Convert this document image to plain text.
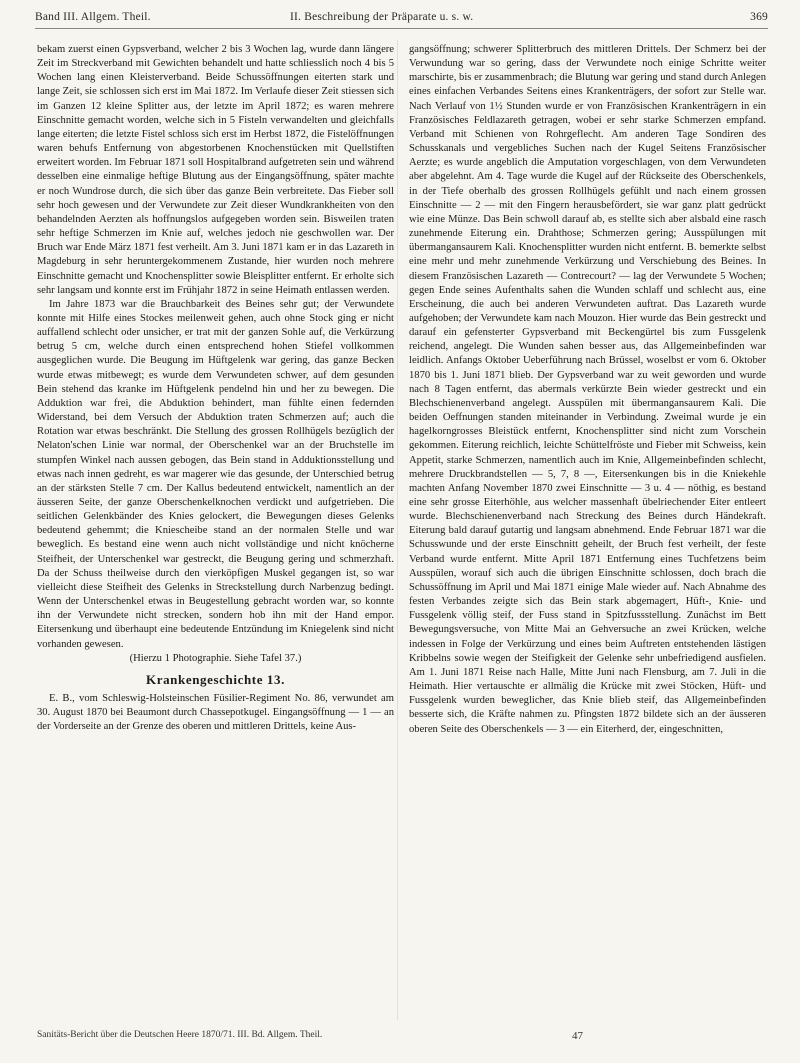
Band III. Allgem. Theil.	II. Beschreibung der Präparate u. s. w.	369

bekam zuerst einen Gypsverband, welcher 2 bis 3 Wochen lag, wurde dann längere Zeit im Streckverband mit Gewichten behandelt und hatte schliesslich noch 4 bis 5 Wochen lang einen Kleisterverband. Beide Schussöffnungen eiterten stark und lange Zeit, sie schlossen sich erst im Mai 1872. Im Verlaufe dieser Zeit stiessen sich im Ganzen 12 kleine Splitter aus, der letzte im April 1872; es waren mehrere Einschnitte gemacht worden, welche sich in 5 Fisteln verwandelten und gleichfalls lange eiterten; die letzte Fistel schloss sich erst im Herbst 1872, die Fistelöffnungen waren behufs Entfernung von abgestorbenen Knochenstücken mit Quellstiften erweitert worden. Im Februar 1871 soll Hospitalbrand aufgetreten sein und während desselben eine einmalige heftige Blutung aus der Eingangsöffnung, später machte er noch Wundrose durch, die sich über das ganze Bein verbreitete. Das Fieber soll sehr hoch gewesen und der Verwundete zur Zeit dieser Wundkrankheiten von den behandelnden Aerzten als hoffnungslos aufgegeben worden sein. Bisweilen traten sehr heftige Schmerzen im Knie auf, welches jedoch nie geschwollen war. Der Bruch war Ende März 1871 fest verheilt. Am 3. Juni 1871 kam er in das Lazareth in Magdeburg in sehr heruntergekommenem Zustande, hier wurden noch mehrere Einschnitte gemacht und Knochensplitter sowie Bleisplitter entfernt. Er erholte sich sehr langsam und konnte erst im Frühjahr 1872 in seine Heimath entlassen werden.

Im Jahre 1873 war die Brauchbarkeit des Beines sehr gut; der Verwundete konnte mit Hilfe eines Stockes meilenweit gehen, auch ohne Stock ging er nicht auffallend schlecht oder unsicher, er trat mit der ganzen Sohle auf, die Verkürzung betrug 5 cm, welche durch einen entsprechend hohen Stiefel vollkommen ausgeglichen wurde. Die Beugung im Hüftgelenk war gering, das ganze Becken wurde etwas mitbewegt; es wurde dem Verwundeten schwer, auf dem gesunden Bein stehend das kranke im Hüftgelenk pendelnd hin und her zu bewegen. Die Adduktion war frei, die Abduktion behindert, man fühlte einen federnden Widerstand, bei dem Versuch der Abduktion traten Schmerzen auf; auch die Rotation war etwas beschränkt. Die Stellung des grossen Rollhügels bezüglich der Nelaton'schen Linie war normal, der Oberschenkel war an der Bruchstelle im stumpfen Winkel nach aussen gebogen, das Bein stand in Adduktionsstellung und etwas nach innen gedreht, es war magerer wie das gesunde, der Unterschied betrug an der stärksten Stelle 7 cm. Der Kallus bedeutend entwickelt, namentlich an der äusseren Seite, der ganze Oberschenkelknochen verdickt und aufgetrieben. Die seitlichen Gelenkbänder des Knies gelockert, die Bewegungen dieses Gelenks bedeutend gehemmt; die Kniescheibe stand an der normalen Stelle und war beweglich. Es bestand eine wenn auch nicht vollständige und nicht knöcherne Steifheit, der Unterschenkel war gestreckt, die Beugung gering und schmerzhaft. Da der Schuss theilweise durch den vierköpfigen Muskel gegangen ist, so war vielleicht diese Steifheit des Gelenks in Streckstellung durch Narbenzug bedingt. Wenn der Unterschenkel etwas in Beugestellung gebracht worden war, so konnte ihn der Verwundete nicht strecken, sondern hob ihn mit der Hand empor. Eitersenkung und überhaupt eine bedeutende Entzündung im Kniegelenk sind nicht vorhanden gewesen.

(Hierzu 1 Photographie. Siehe Tafel 37.)

Krankengeschichte 13.

E. B., vom Schleswig-Holsteinschen Füsilier-Regiment No. 86, verwundet am 30. August 1870 bei Beaumont durch Chassepotkugel. Eingangsöffnung — 1 — an der Vorderseite an der Grenze des oberen und mittleren Drittels, keine Aus-

gangsöffnung; schwerer Splitterbruch des mittleren Drittels. Der Schmerz bei der Verwundung war so gering, dass der Verwundete noch einige Schritte weiter marschirte, bis er zusammenbrach; die Blutung war gering und stand durch Anlegen eines einfachen Verbandes Seitens eines Krankenträgers, der sofort zur Stelle war. Nach Verlauf von 1½ Stunden wurde er von Französischen Krankenträgern in ein Französisches Feldlazareth getragen, wobei er sehr starke Schmerzen empfand. Verband mit Schienen von Rohrgeflecht. Am anderen Tage Sondiren des Schusskanals und vergebliches Suchen nach der Kugel Seitens Französischer Aerzte; es wurde angeblich die Amputation vorgeschlagen, von dem Verwundeten aber abgelehnt. Am 4. Tage wurde die Kugel auf der Rückseite des Oberschenkels, in der Tiefe oberhalb des grossen Rollhügels gefühlt und nach einem grossen Einschnitte — 2 — mit den Fingern herausbefördert, sie war ganz platt gedrückt wie eine Münze. Das Bein schwoll darauf ab, es stellte sich aber alsbald eine rasch zunehmende Eiterung ein. Drahthose; Schmerzen gering; Ausspülungen mit übermangansaurem Kali. Knochensplitter wurden nicht entfernt. B. bemerkte selbst eine mehr und mehr zunehmende Verkürzung und Verschiebung des Beines. In diesem Französischen Lazareth — Contrecourt? — lag der Verwundete 5 Wochen; gegen Ende seines Aufenthalts sahen die Wunden schlaff und schlecht aus, eine Erscheinung, die auch bei anderen Verwundeten auftrat. Das Lazareth wurde aufgehoben; der Verwundete kam nach Mouzon. Hier wurde das Bein gestreckt und darauf ein gefensterter Gypsverband mit Beckengürtel bis zum Fussgelenk reichend, angelegt. Die Wunden sahen besser aus, das Allgemeinbefinden war leidlich. Anfangs Oktober Ueberführung nach Brüssel, woselbst er vom 6. Oktober 1870 bis 1. Juni 1871 blieb. Der Gypsverband war zu weit geworden und wurde nach 8 Tagen entfernt, das abermals verkürzte Bein wieder gestreckt und ein Blechschienenverband angelegt. Ausspülen mit übermangansaurem Kali. Die beiden Oeffnungen standen miteinander in Verbindung. Zweimal wurde je ein hagelkorngrosses Bleistück entfernt, Knochensplitter sind nicht zum Vorschein gekommen. Eiterung reichlich, leichte Schüttelfröste und Fieber mit Schweiss, kein Appetit, starke Schmerzen, namentlich auch im Knie, Allgemeinbefinden schlecht, mehrere Druckbrandstellen — 5, 7, 8 —, Eitersenkungen bis in die Kniekehle machten Anfang November 1870 zwei Einschnitte — 3 u. 4 — nöthig, es bestand eine sehr grosse Eiterhöhle, aus welcher massenhaft übelriechender Eiter entleert wurde. Blechschienenverband nach Streckung des Beines durch Händekraft. Eiterung bald darauf gutartig und langsam abnehmend. Ende Februar 1871 war die Schusswunde und der erste Einschnitt geheilt, der Bruch fest verheilt, der feste Verband wurde entfernt. Mitte April 1871 Entfernung eines Tuchfetzens beim Ausspülen, worauf sich auch die übrigen Einschnitte schlossen, doch brach die Schussöffnung im April und Mai 1871 einige Male wieder auf. Nach Abnahme des festen Verbandes zeigte sich das Bein stark abgemagert, Hüft-, Knie- und Fussgelenk völlig steif, der Fuss stand in Spitzfussstellung. Zunächst im Bett Bewegungsversuche, von Mitte Mai an Gehversuche an zwei Krücken, welche indessen in Folge der Verkürzung und eines beim Auftreten entstehenden lästigen Kribbelns sowie wegen der Steifigkeit der Gelenke sehr unbefriedigend ausfielen. Am 1. Juni 1871 Reise nach Halle, Mitte Juni nach Flensburg, am 7. Juli in die Heimath. Hier vertauschte er allmälig die Krücke mit zwei Stöcken, Hüft- und Fussgelenk wurden beweglicher, das Knie blieb steif, das Allgemeinbefinden besserte sich, die Kräfte nahmen zu. Pfingsten 1872 bildete sich an der äusseren oberen Seite des Oberschenkels — 3 — ein Eiterherd, der, eingeschnitten,

Sanitäts-Bericht über die Deutschen Heere 1870/71. III. Bd. Allgem. Theil.	47
